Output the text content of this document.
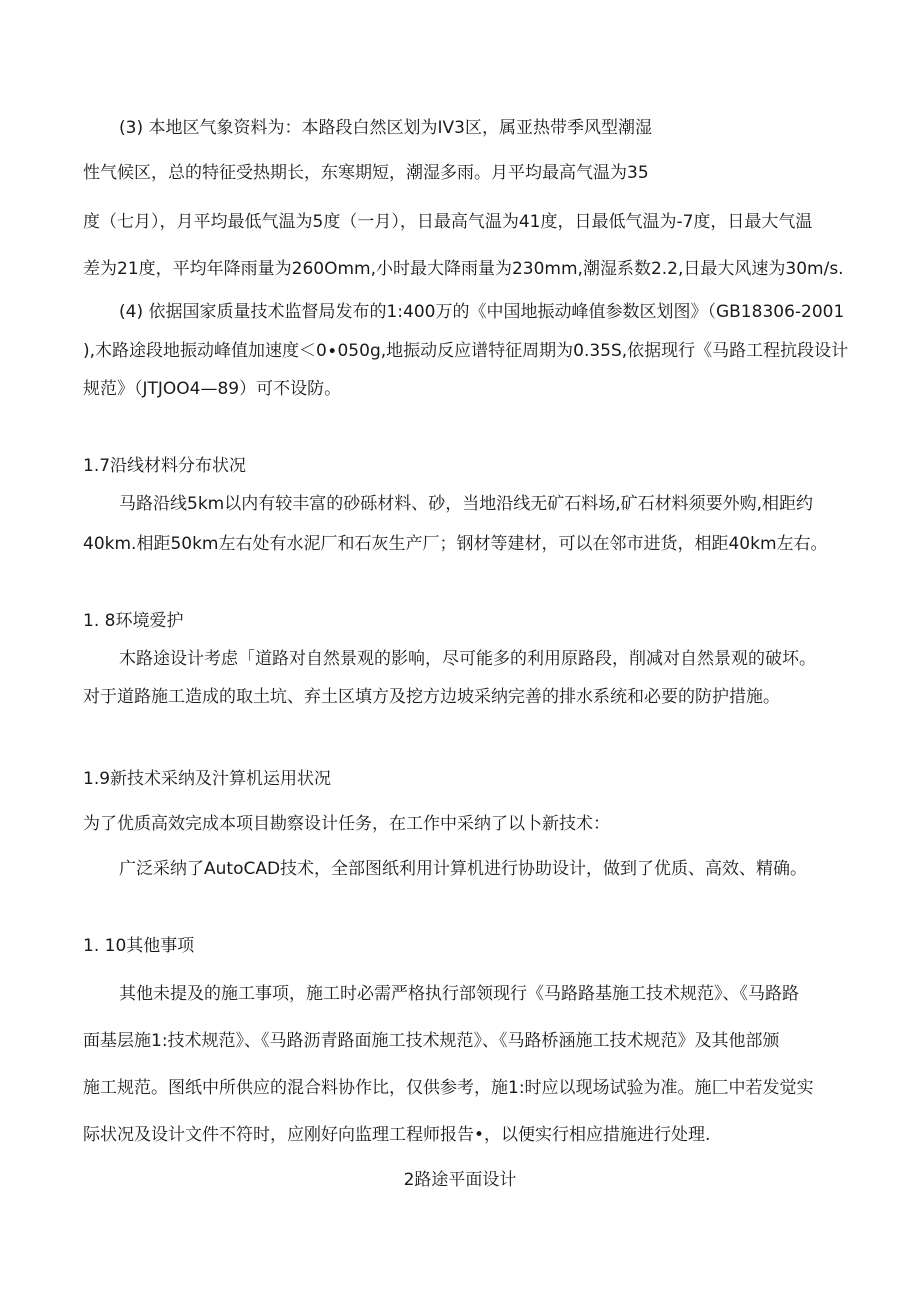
(3) 本地区气象资料为：本路段白然区划为IV3区，属亚热带季风型潮湿
性气候区，总的特征受热期长，东寒期短，潮湿多雨。月平均最高气温为35
度（七月），月平均最低气温为5度（一月），日最高气温为41度，日最低气温为-7度，日最大气温
差为21度，平均年降雨量为260Omm,小时最大降雨量为230mm,潮湿系数2.2,日最大风速为30m/s.
(4) 依据国家质量技术监督局发布的1:400万的《中国地振动峰值参数区划图》（GB18306-2001
),木路途段地振动峰值加速度＜0∙050g,地振动反应谱特征周期为0.35S,依据现行《马路工程抗段设计
规范》（JTJOO4—89）可不设防。
1.7沿线材料分布状况
马路沿线5km以内有较丰富的砂砾材料、砂，当地沿线无矿石料场,矿石材料须要外购,相距约
40km.相距50km左右处有水泥厂和石灰生产厂；钢材等建材，可以在邻市进货，相距40km左右。
1. 8环境爱护
木路途设计考虑「道路对自然景观的影响，尽可能多的利用原路段，削减对自然景观的破坏。
对于道路施工造成的取土坑、弃土区填方及挖方边坡采纳完善的排水系统和必要的防护措施。
1.9新技术采纳及汁算机运用状况
为了优质高效完成本项目勘察设计任务，在工作中采纳了以卜新技术：
广泛采纳了AutoCAD技术，全部图纸利用计算机进行协助设计，做到了优质、高效、精确。
1. 10其他事项
其他未提及的施工事项，施工时必需严格执行部领现行《马路路基施工技术规范》、《马路路
面基层施1:技术规范》、《马路沥青路面施工技术规范》、《马路桥涵施工技术规范》及其他部颁
施工规范。图纸中所供应的混合料协作比，仅供参考，施1:时应以现场试验为准。施匚中若发觉实
际状况及设计文件不符时，应刚好向监理工程师报告•，以便实行相应措施进行处理.
2路途平面设计
